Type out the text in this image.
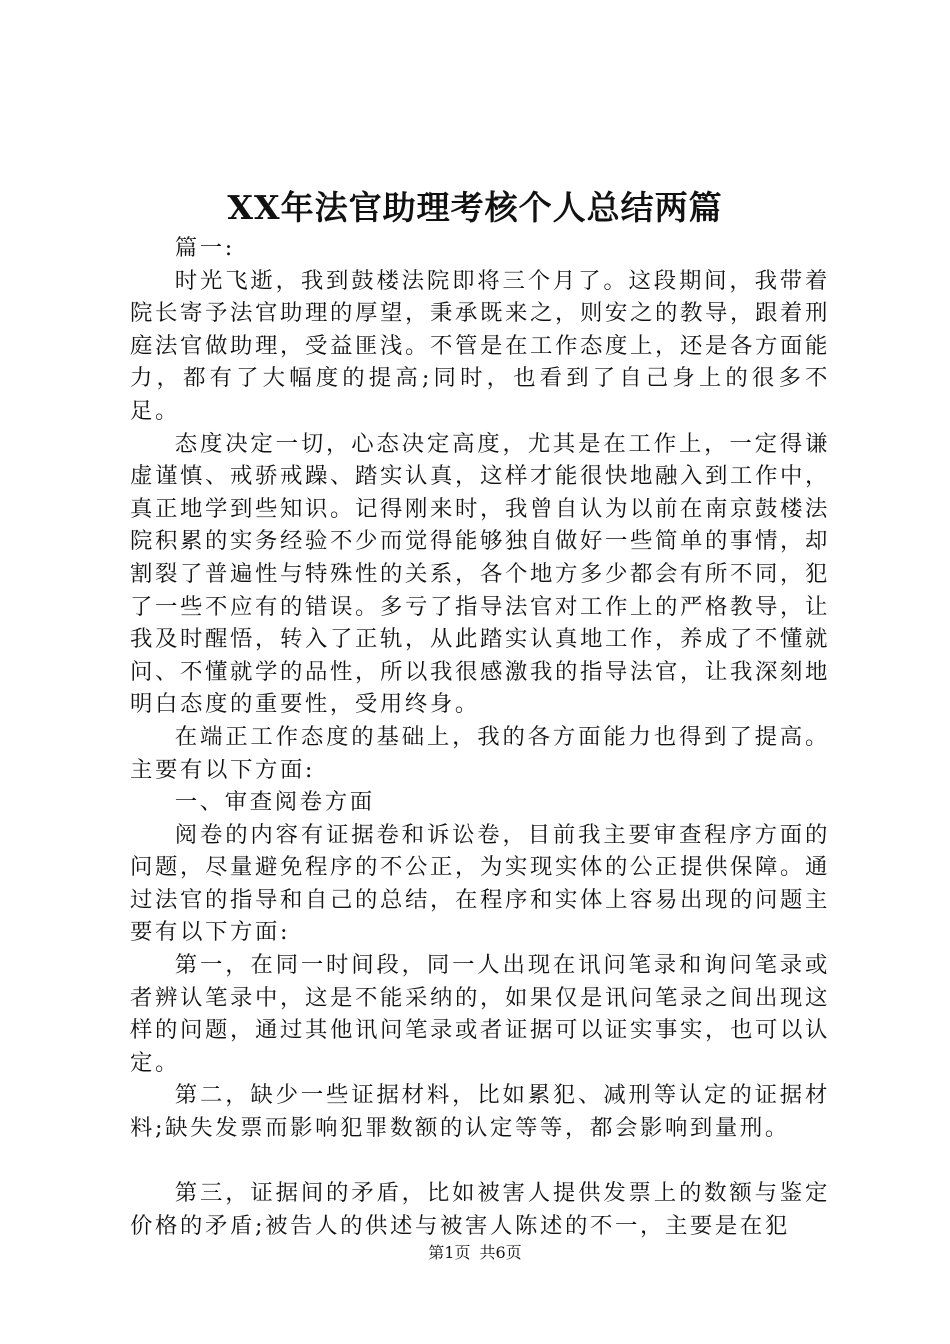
XX年法官助理考核个人总结两篇

篇一:

时光飞逝，我到鼓楼法院即将三个月了。这段期间，我带着院长寄予法官助理的厚望，秉承既来之，则安之的教导，跟着刑庭法官做助理，受益匪浅。不管是在工作态度上，还是各方面能力，都有了大幅度的提高;同时，也看到了自己身上的很多不足。

态度决定一切，心态决定高度，尤其是在工作上，一定得谦虚谨慎、戒骄戒躁、踏实认真，这样才能很快地融入到工作中，真正地学到些知识。记得刚来时，我曾自认为以前在南京鼓楼法院积累的实务经验不少而觉得能够独自做好一些简单的事情，却割裂了普遍性与特殊性的关系，各个地方多少都会有所不同，犯了一些不应有的错误。多亏了指导法官对工作上的严格教导，让我及时醒悟，转入了正轨，从此踏实认真地工作，养成了不懂就问、不懂就学的品性，所以我很感激我的指导法官，让我深刻地明白态度的重要性，受用终身。

在端正工作态度的基础上，我的各方面能力也得到了提高。主要有以下方面:

一、审查阅卷方面

阅卷的内容有证据卷和诉讼卷，目前我主要审查程序方面的问题，尽量避免程序的不公正，为实现实体的公正提供保障。通过法官的指导和自己的总结，在程序和实体上容易出现的问题主要有以下方面:

第一，在同一时间段，同一人出现在讯问笔录和询问笔录或者辨认笔录中，这是不能采纳的，如果仅是讯问笔录之间出现这样的问题，通过其他讯问笔录或者证据可以证实事实，也可以认定。

第二，缺少一些证据材料，比如累犯、减刑等认定的证据材料;缺失发票而影响犯罪数额的认定等等，都会影响到量刑。

第三，证据间的矛盾，比如被害人提供发票上的数额与鉴定价格的矛盾;被告人的供述与被害人陈述的不一，主要是在犯

第1页 共6页
